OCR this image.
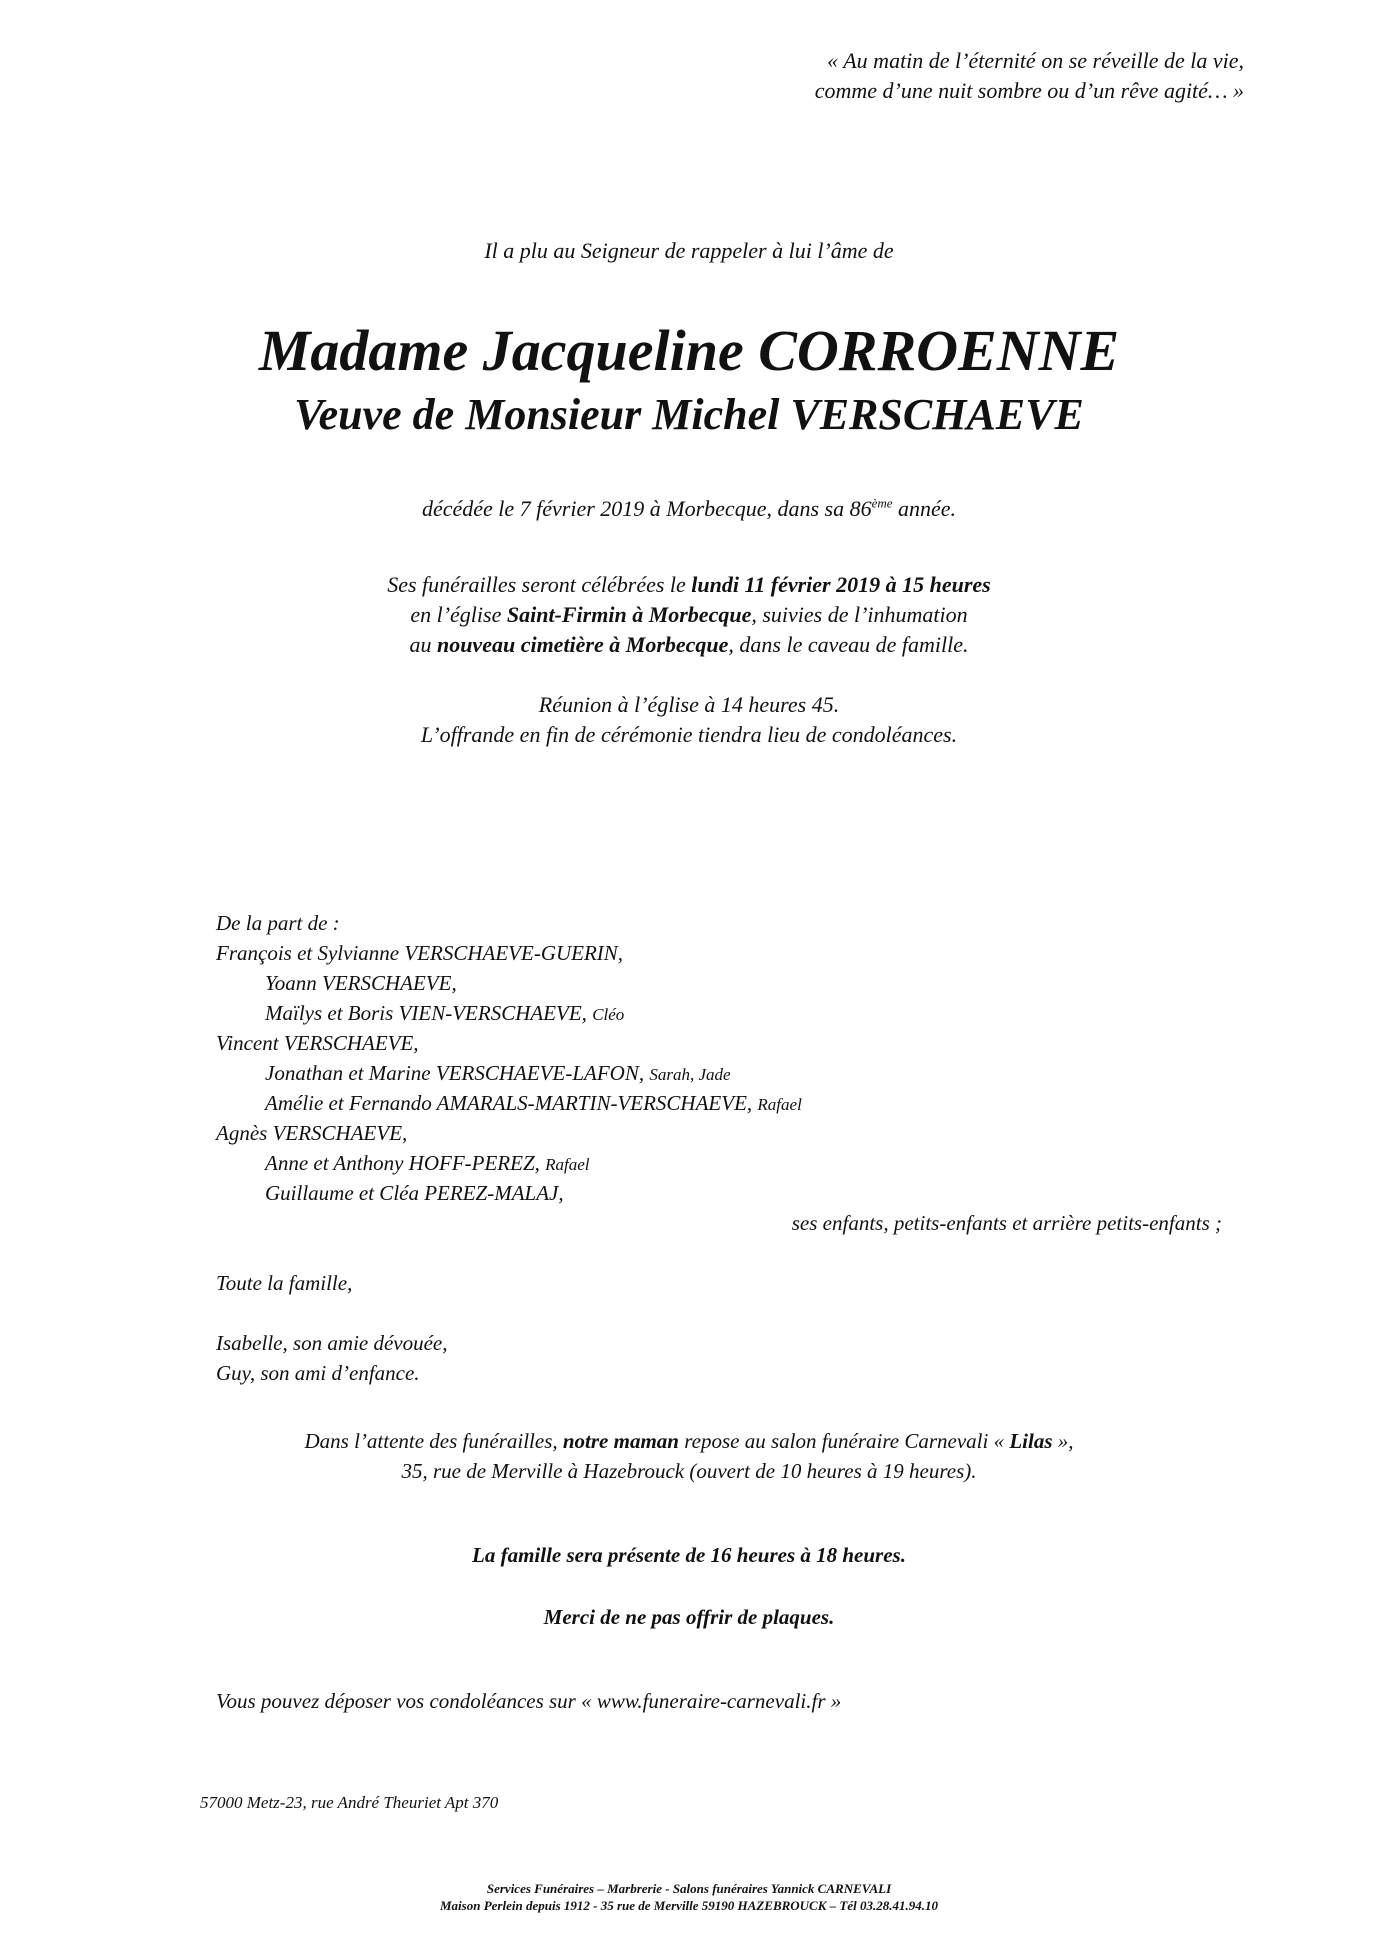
« Au matin de l’éternité on se réveille de la vie,
comme d’une nuit sombre ou d’un rêve agité… »
Il a plu au Seigneur de rappeler à lui l’âme de
Madame Jacqueline CORROENNE
Veuve de Monsieur Michel VERSCHAEVE
décédée le 7 février 2019 à Morbecque, dans sa 86ème année.
Ses funérailles seront célébrées le lundi 11 février 2019 à 15 heures
en l’église Saint-Firmin à Morbecque, suivies de l’inhumation
au nouveau cimetière à Morbecque, dans le caveau de famille.
Réunion à l’église à 14 heures 45.
L’offrande en fin de cérémonie tiendra lieu de condoléances.
De la part de :
François et Sylvianne VERSCHAEVE-GUERIN,
Yoann VERSCHAEVE,
Maïlys et Boris VIEN-VERSCHAEVE, Cléo
Vincent VERSCHAEVE,
Jonathan et Marine VERSCHAEVE-LAFON, Sarah, Jade
Amélie et Fernando AMARALS-MARTIN-VERSCHAEVE, Rafael
Agnès VERSCHAEVE,
Anne et Anthony HOFF-PEREZ, Rafael
Guillaume et Cléa PEREZ-MALAJ,
ses enfants, petits-enfants et arrière petits-enfants ;
Toute la famille,
Isabelle, son amie dévouée,
Guy, son ami d’enfance.
Dans l’attente des funérailles, notre maman repose au salon funéraire Carnevali « Lilas »,
35, rue de Merville à Hazebrouck (ouvert de 10 heures à 19 heures).
La famille sera présente de 16 heures à 18 heures.
Merci de ne pas offrir de plaques.
Vous pouvez déposer vos condoléances sur « www.funeraire-carnevali.fr »
57000 Metz-23, rue André Theuriet Apt 370
Services Funéraires – Marbrerie - Salons funéraires Yannick CARNEVALI
Maison Perlein depuis 1912 - 35 rue de Merville 59190 HAZEBROUCK – Tél 03.28.41.94.10
